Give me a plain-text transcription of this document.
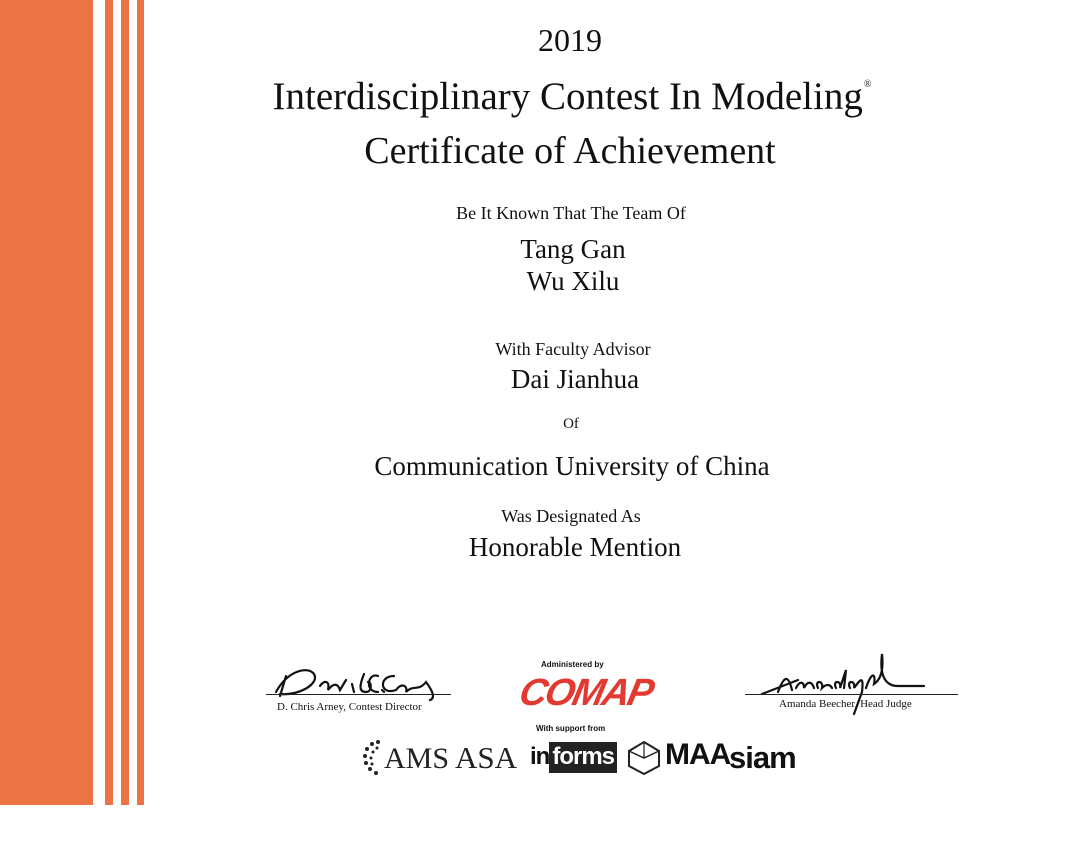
2019
Interdisciplinary Contest In Modeling®
Certificate of Achievement
Be It Known That The Team Of
Tang Gan
Wu Xilu
With Faculty Advisor
Dai Jianhua
Of
Communication University of China
Was Designated As
Honorable Mention
D. Chris Arney, Contest Director	Amanda Beecher, Head Judge
Administered by
COMAP
With support from
AMS ASA in forms MAA
siam
